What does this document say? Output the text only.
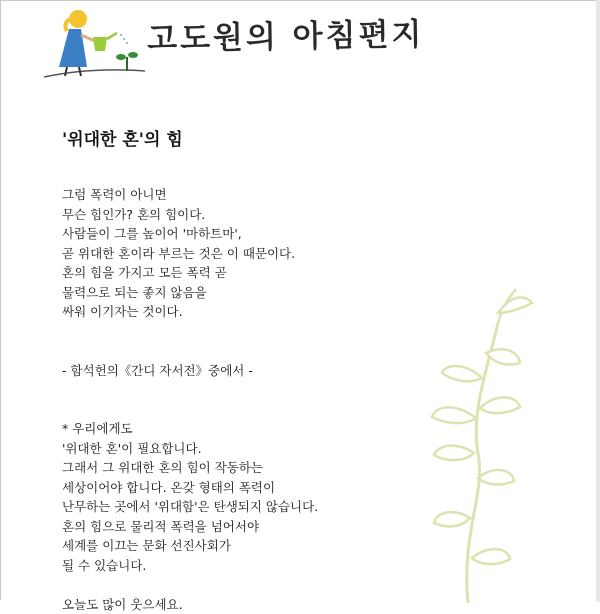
고도원의 아침편지
'위대한 혼'의 힘
그럼 폭력이 아니면
무슨 힘인가? 혼의 힘이다.
사람들이 그를 높이어 '마하트마',
곧 위대한 혼이라 부르는 것은 이 때문이다.
혼의 힘을 가지고 모든 폭력 곧
물력으로 되는 좋지 않음을
싸워 이기자는 것이다.
- 함석헌의《간디 자서전》중에서 -
* 우리에게도
'위대한 혼'이 필요합니다.
그래서 그 위대한 혼의 힘이 작동하는
세상이어야 합니다. 온갖 형태의 폭력이
난무하는 곳에서 '위대함'은 탄생되지 않습니다.
혼의 힘으로 물리적 폭력을 넘어서야
세계를 이끄는 문화 선진사회가
될 수 있습니다.
오늘도 많이 웃으세요.
